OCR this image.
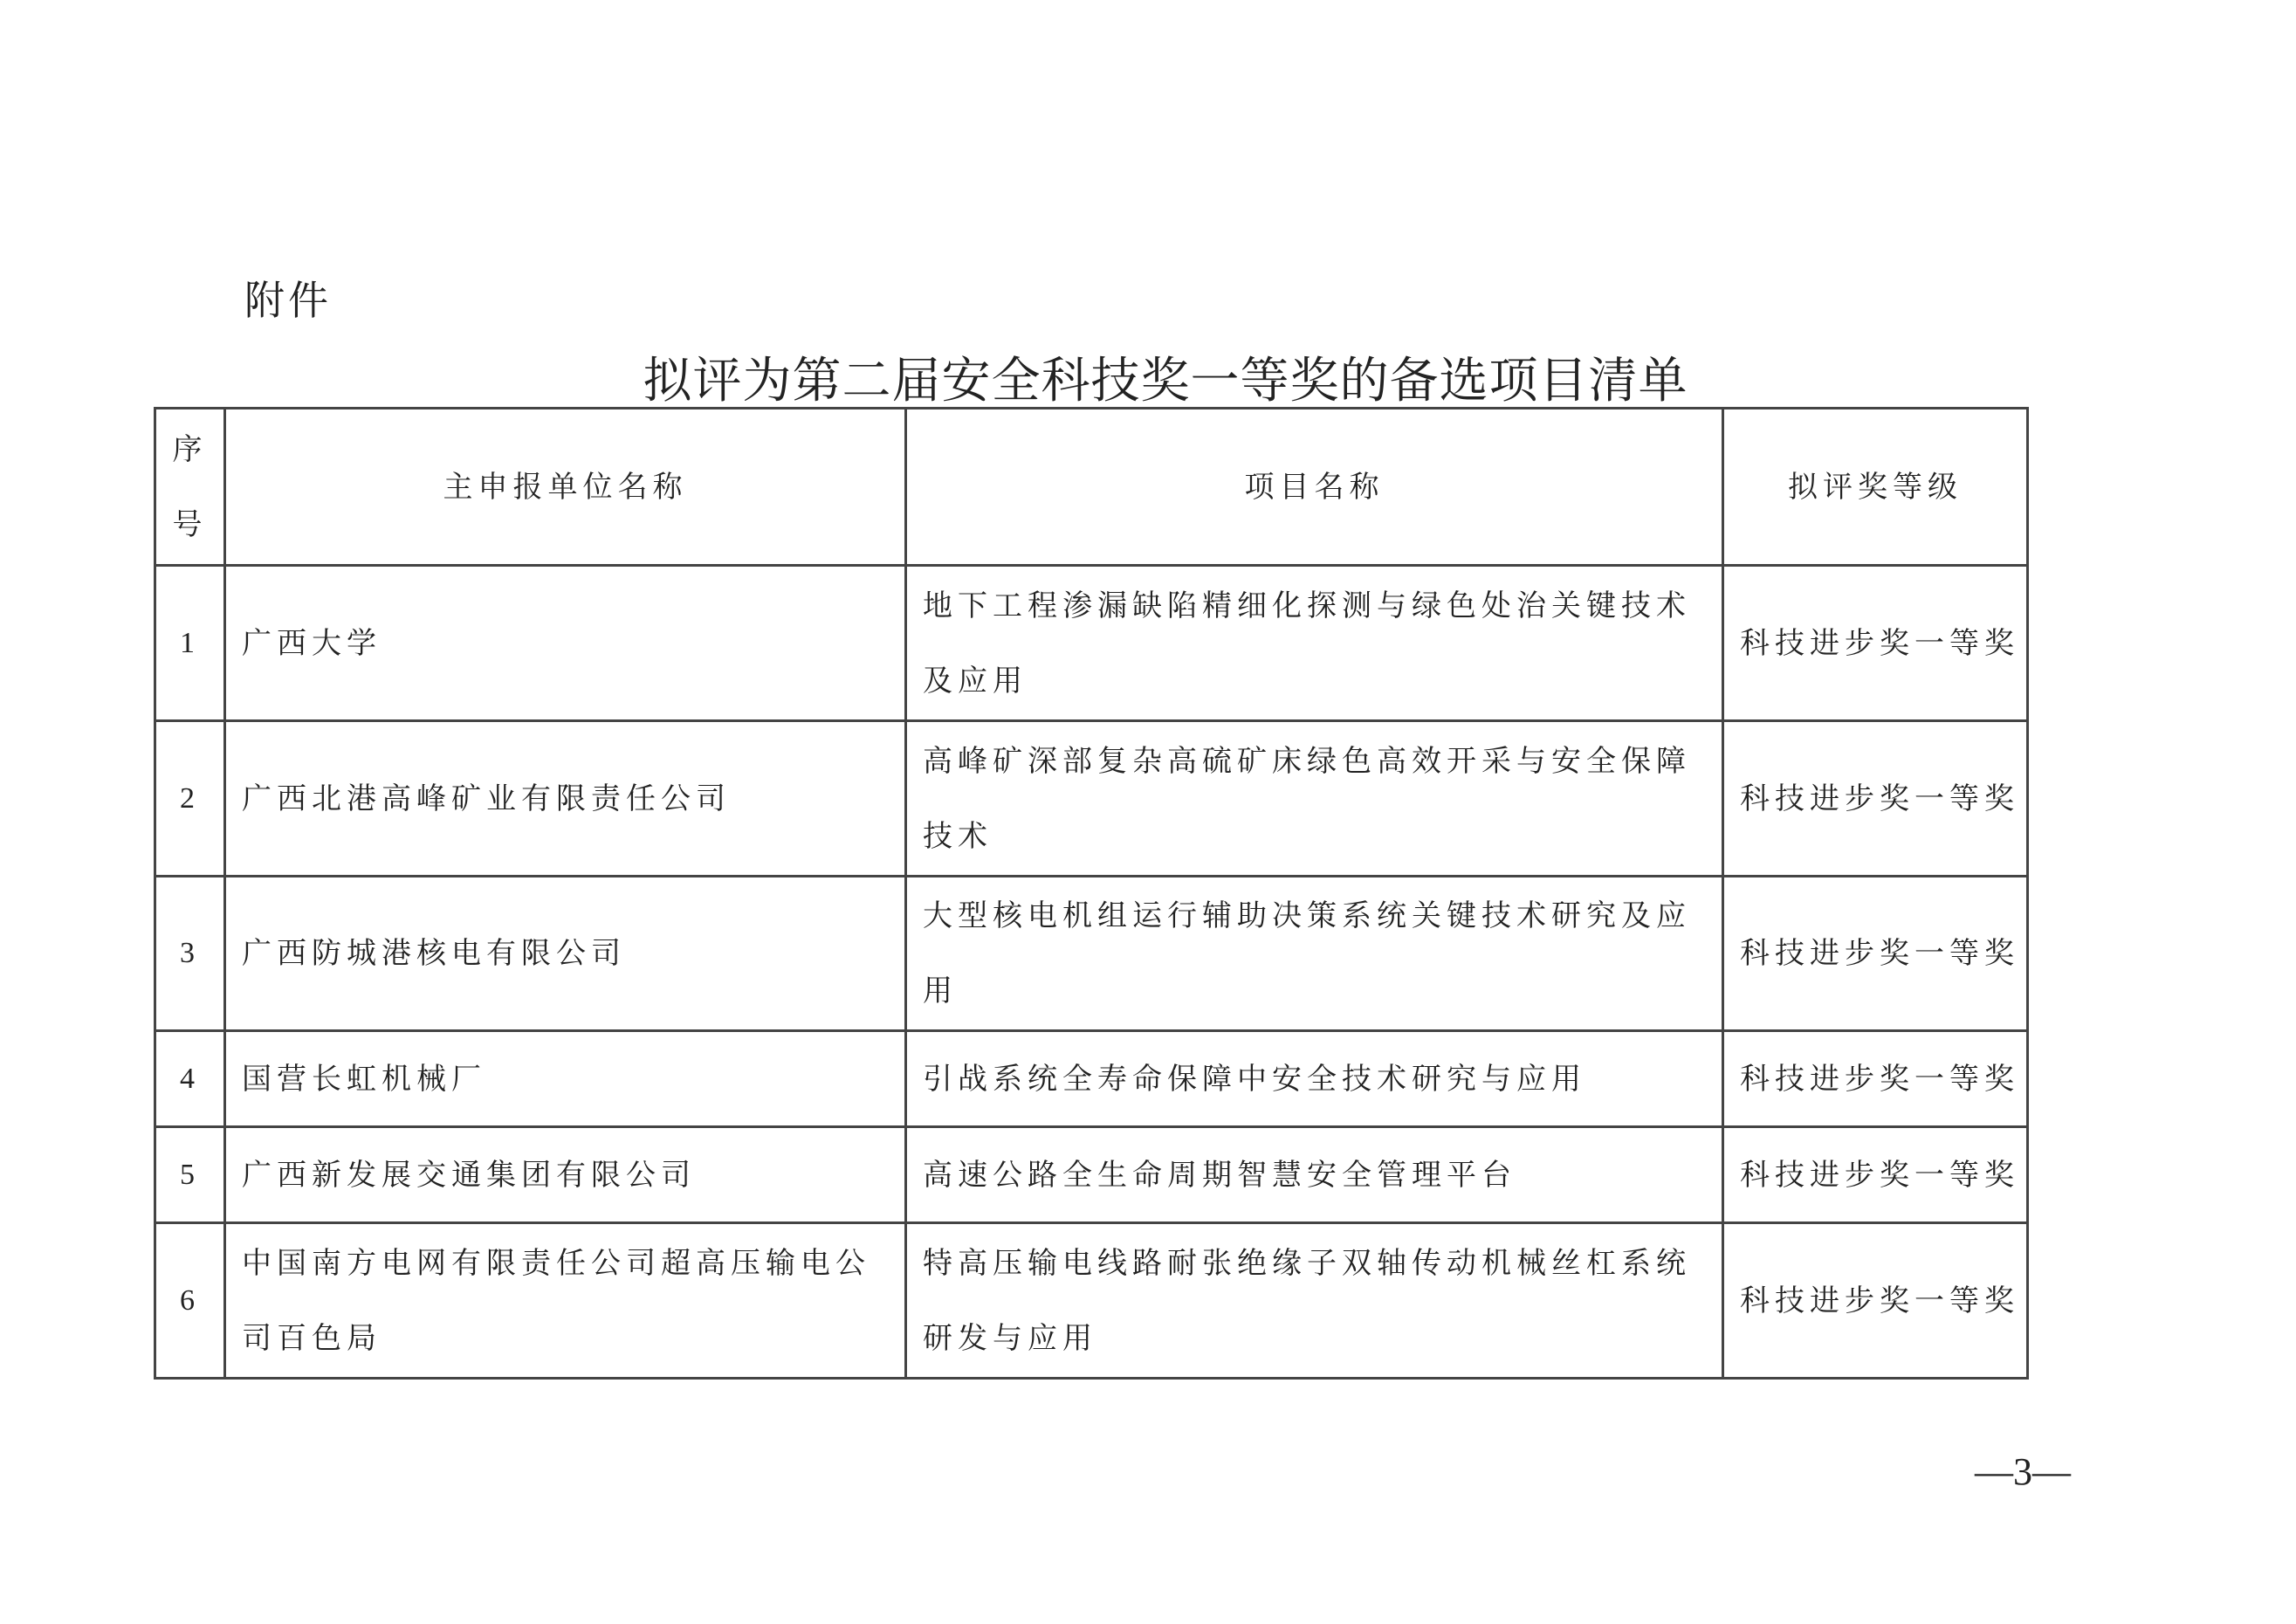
附件
拟评为第二届安全科技奖一等奖的备选项目清单
序
号	主申报单位名称	项目名称	拟评奖等级
1	广西大学	地下工程渗漏缺陷精细化探测与绿色处治关键技术及应用	科技进步奖一等奖
2	广西北港高峰矿业有限责任公司	高峰矿深部复杂高硫矿床绿色高效开采与安全保障技术	科技进步奖一等奖
3	广西防城港核电有限公司	大型核电机组运行辅助决策系统关键技术研究及应用	科技进步奖一等奖
4	国营长虹机械厂	引战系统全寿命保障中安全技术研究与应用	科技进步奖一等奖
5	广西新发展交通集团有限公司	高速公路全生命周期智慧安全管理平台	科技进步奖一等奖
6	中国南方电网有限责任公司超高压输电公司百色局	特高压输电线路耐张绝缘子双轴传动机械丝杠系统研发与应用	科技进步奖一等奖
—3—
